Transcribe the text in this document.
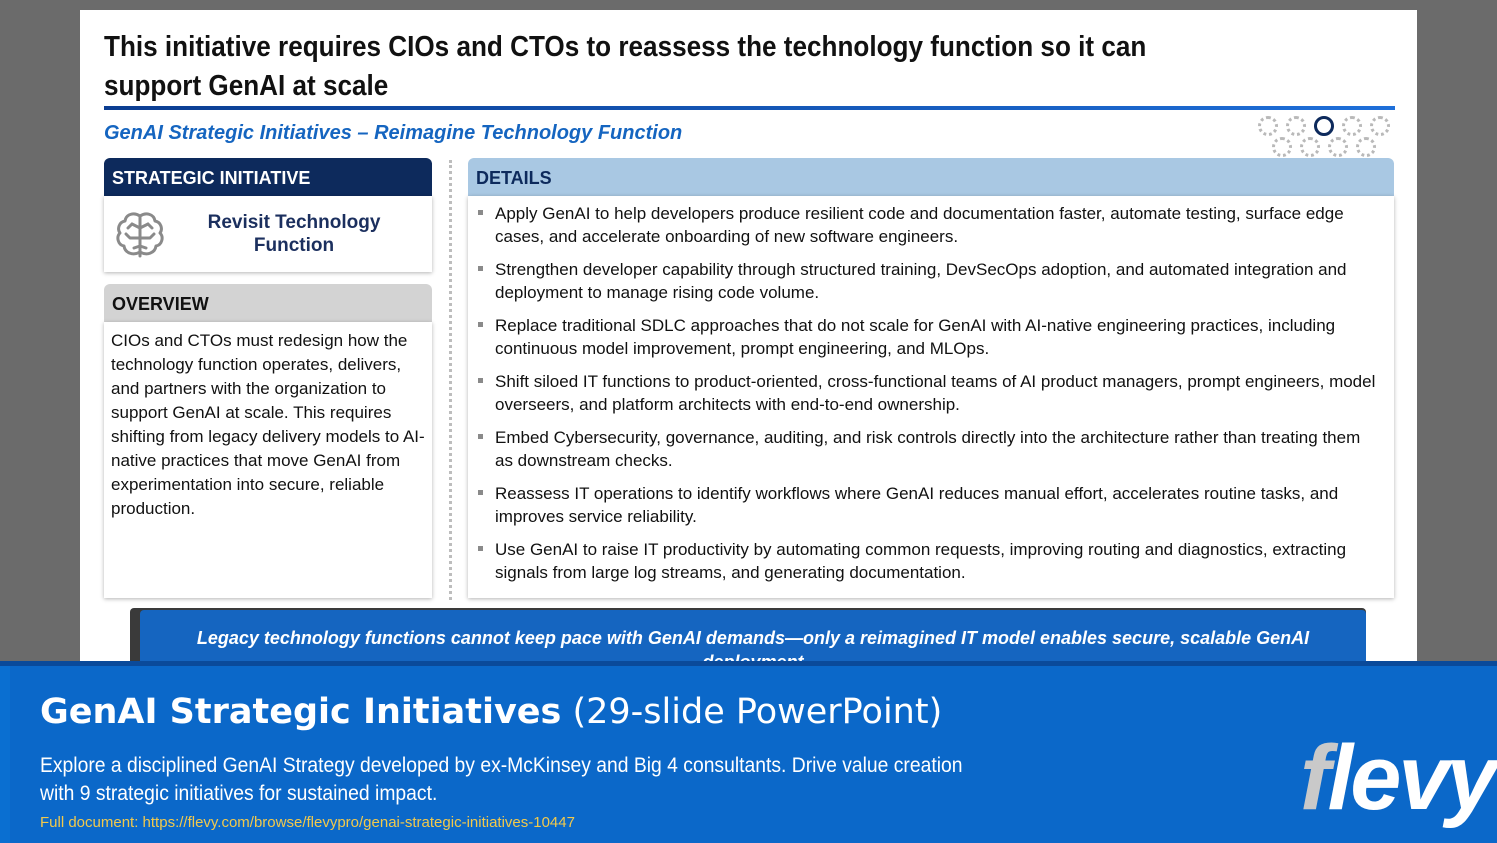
This initiative requires CIOs and CTOs to reassess the technology function so it can support GenAI at scale
GenAI Strategic Initiatives – Reimagine Technology Function
STRATEGIC INITIATIVE
Revisit Technology Function
OVERVIEW
CIOs and CTOs must redesign how the technology function operates, delivers, and partners with the organization to support GenAI at scale. This requires shifting from legacy delivery models to AI-native practices that move GenAI from experimentation into secure, reliable production.
DETAILS
Apply GenAI to help developers produce resilient code and documentation faster, automate testing, surface edge cases, and accelerate onboarding of new software engineers.
Strengthen developer capability through structured training, DevSecOps adoption, and automated integration and deployment to manage rising code volume.
Replace traditional SDLC approaches that do not scale for GenAI with AI-native engineering practices, including continuous model improvement, prompt engineering, and MLOps.
Shift siloed IT functions to product-oriented, cross-functional teams of AI product managers, prompt engineers, model overseers, and platform architects with end-to-end ownership.
Embed Cybersecurity, governance, auditing, and risk controls directly into the architecture rather than treating them as downstream checks.
Reassess IT operations to identify workflows where GenAI reduces manual effort, accelerates routine tasks, and improves service reliability.
Use GenAI to raise IT productivity by automating common requests, improving routing and diagnostics, extracting signals from large log streams, and generating documentation.
Legacy technology functions cannot keep pace with GenAI demands—only a reimagined IT model enables secure, scalable GenAI
GenAI Strategic Initiatives (29-slide PowerPoint)
Explore a disciplined GenAI Strategy developed by ex-McKinsey and Big 4 consultants. Drive value creation with 9 strategic initiatives for sustained impact.
Full document: https://flevy.com/browse/flevypro/genai-strategic-initiatives-10447	flevy
